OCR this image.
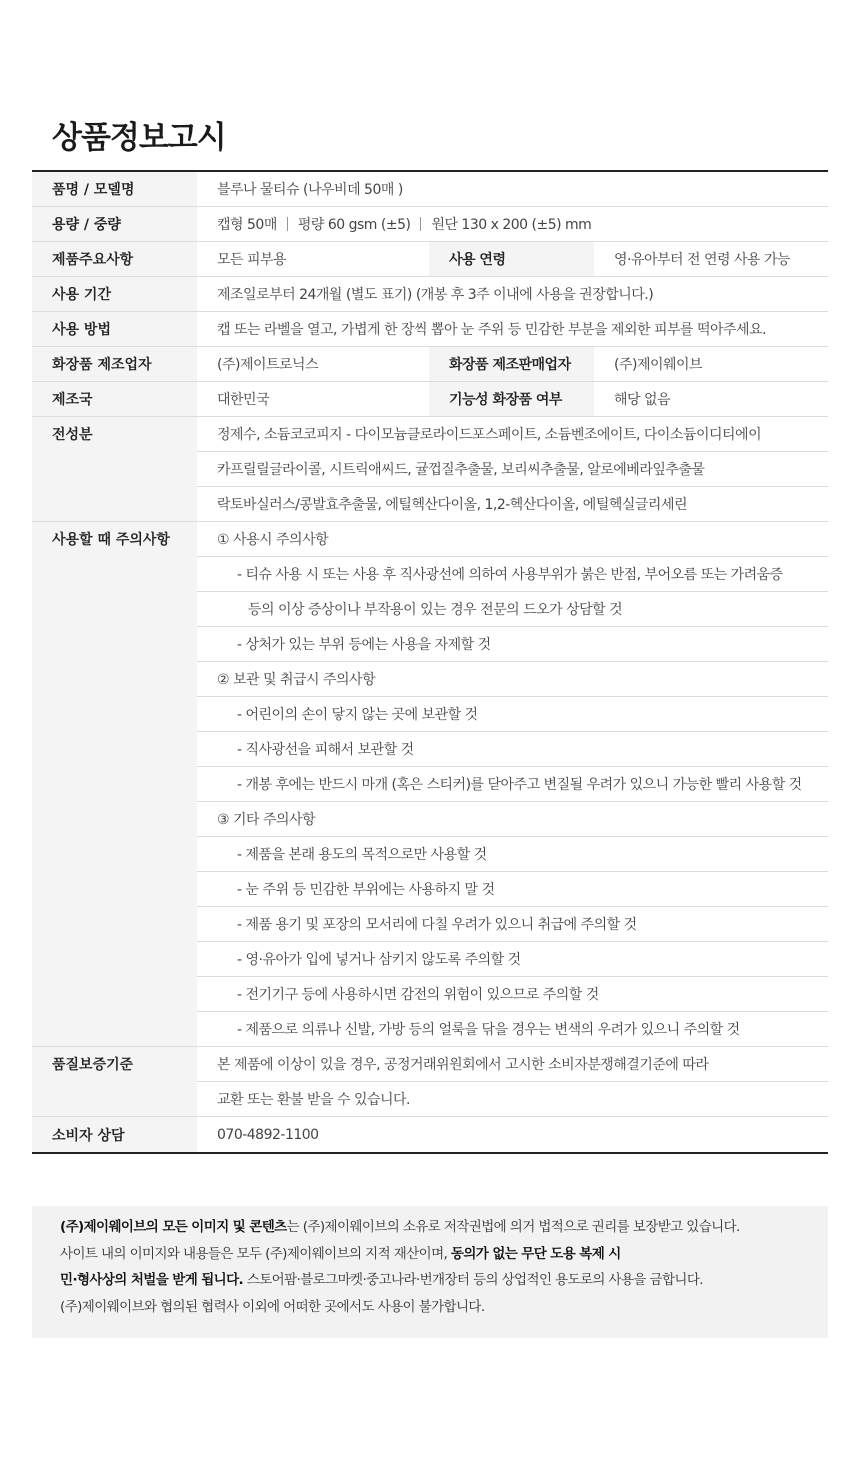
상품정보고시
품명 / 모델명	블루나 물티슈 (나우비데 50매 )
용량 / 중량	캡형 50매 평량 60 gsm (±5) 원단 130 x 200 (±5) mm
제품주요사항	모든 피부용	사용 연령	영·유아부터 전 연령 사용 가능
사용 기간	제조일로부터 24개월 (별도 표기) (개봉 후 3주 이내에 사용을 권장합니다.)
사용 방법	캡 또는 라벨을 열고, 가볍게 한 장씩 뽑아 눈 주위 등 민감한 부분을 제외한 피부를 떡아주세요.
화장품 제조업자	(주)제이트로닉스	화장품 제조판매업자	(주)제이웨이브
제조국	대한민국	기능성 화장품 여부	해당 없음
전성분	정제수, 소듐코코피지 - 다이모늄클로라이드포스페이트, 소듐벤조에이트, 다이소듐이디티에이
카프릴릴글라이콜, 시트릭애씨드, 귤껍질추출물, 보리씨추출물, 알로에베라잎추출물
락토바실러스/콩발효추출물, 에틸헥산다이올, 1,2-헥산다이올, 에틸헥실글리세린
사용할 때 주의사항	① 사용시 주의사항
- 티슈 사용 시 또는 사용 후 직사광선에 의하여 사용부위가 붉은 반점, 부어오름 또는 가려움증
등의 이상 증상이나 부작용이 있는 경우 전문의 드오가 상담할 것
- 상처가 있는 부위 등에는 사용을 자제할 것
② 보관 및 취급시 주의사항
- 어린이의 손이 닿지 않는 곳에 보관할 것
- 직사광선을 피해서 보관할 것
- 개봉 후에는 반드시 마개 (혹은 스티커)를 닫아주고 변질될 우려가 있으니 가능한 빨리 사용할 것
③ 기타 주의사항
- 제품을 본래 용도의 목적으로만 사용할 것
- 눈 주위 등 민감한 부위에는 사용하지 말 것
- 제품 용기 및 포장의 모서리에 다칠 우려가 있으니 취급에 주의할 것
- 영·유아가 입에 넣거나 삼키지 않도록 주의할 것
- 전기기구 등에 사용하시면 감전의 위험이 있으므로 주의할 것
- 제품으로 의류나 신발, 가방 등의 얼룩을 닦을 경우는 변색의 우려가 있으니 주의할 것
품질보증기준	본 제품에 이상이 있을 경우, 공정거래위원회에서 고시한 소비자분쟁해결기준에 따라
교환 또는 환불 받을 수 있습니다.
소비자 상담	070-4892-1100

(주)제이웨이브의 모든 이미지 및 콘텐츠는 (주)제이웨이브의 소유로 저작권법에 의거 법적으로 권리를 보장받고 있습니다.

사이트 내의 이미지와 내용들은 모두 (주)제이웨이브의 지적 재산이며, 동의가 없는 무단 도용 복제 시

민·형사상의 처벌을 받게 됩니다. 스토어팜·블로그마켓·중고나라·번개장터 등의 상업적인 용도로의 사용을 금합니다.

(주)제이웨이브와 협의된 협력사 이외에 어떠한 곳에서도 사용이 불가합니다.
